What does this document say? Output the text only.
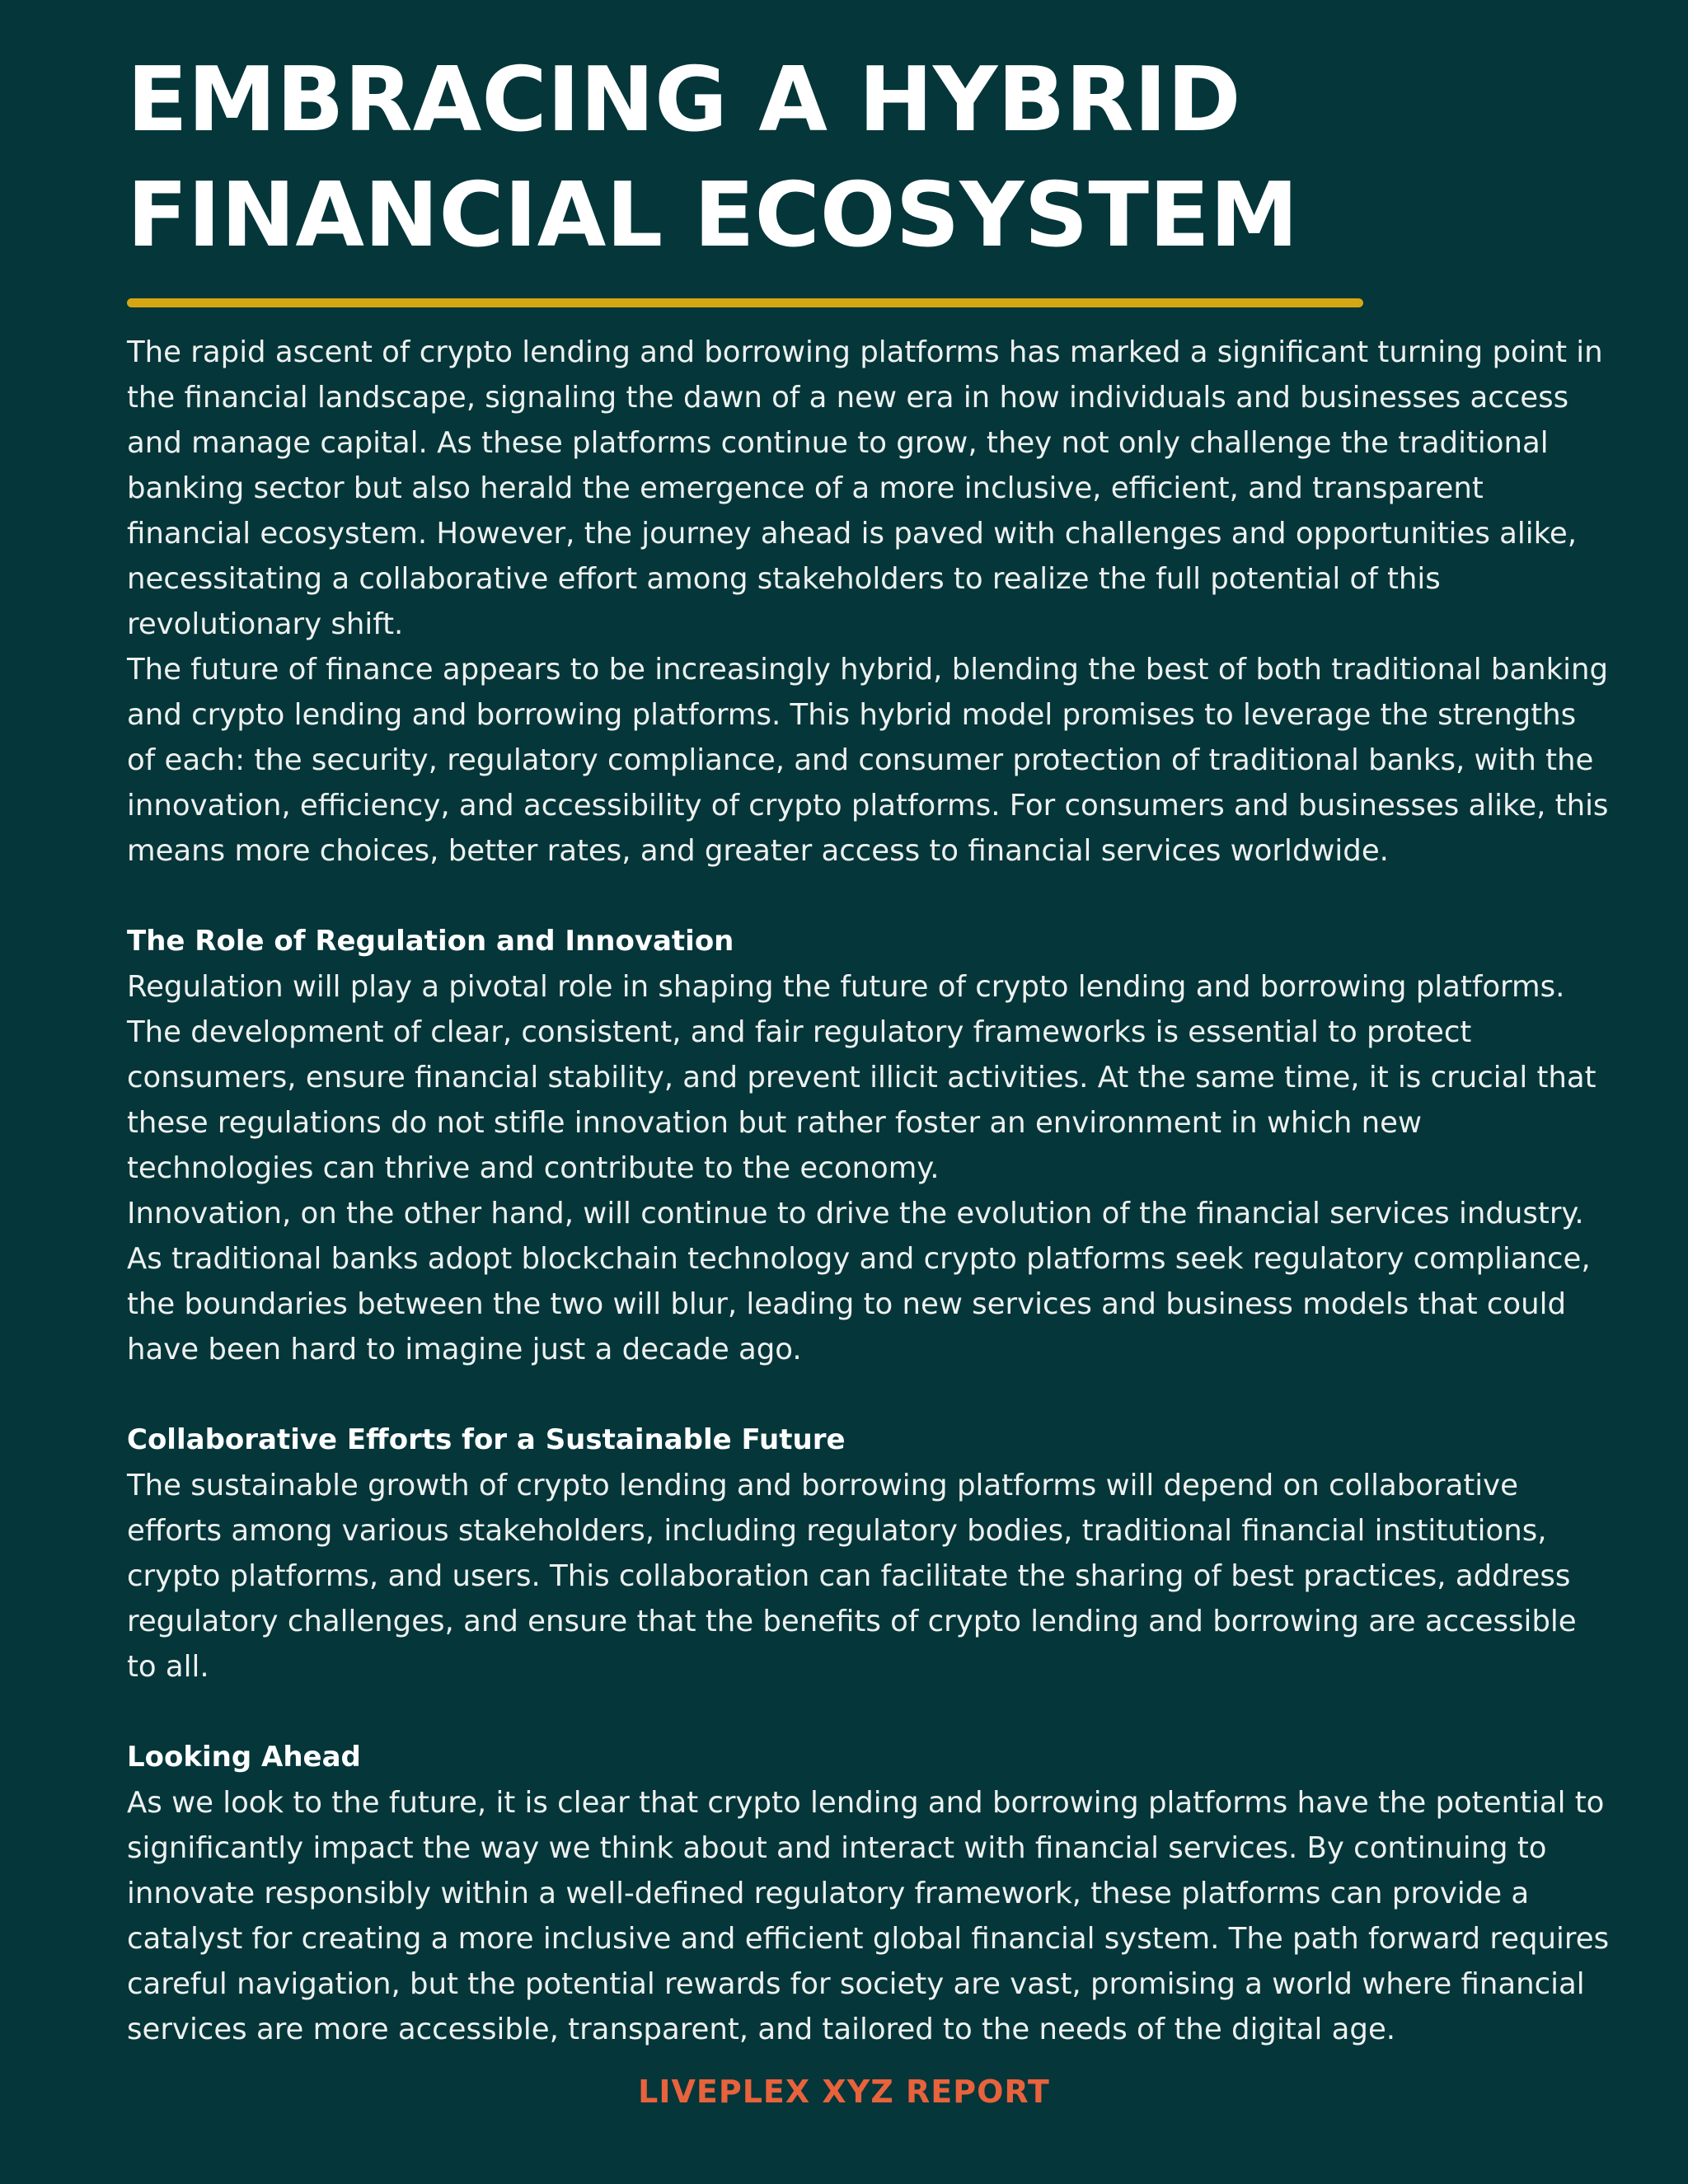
EMBRACING A HYBRID
FINANCIAL ECOSYSTEM

The rapid ascent of crypto lending and borrowing platforms has marked a significant turning point in the financial landscape, signaling the dawn of a new era in how individuals and businesses access and manage capital. As these platforms continue to grow, they not only challenge the traditional banking sector but also herald the emergence of a more inclusive, efficient, and transparent financial ecosystem. However, the journey ahead is paved with challenges and opportunities alike, necessitating a collaborative effort among stakeholders to realize the full potential of this revolutionary shift.

The future of finance appears to be increasingly hybrid, blending the best of both traditional banking and crypto lending and borrowing platforms. This hybrid model promises to leverage the strengths of each: the security, regulatory compliance, and consumer protection of traditional banks, with the innovation, efficiency, and accessibility of crypto platforms. For consumers and businesses alike, this means more choices, better rates, and greater access to financial services worldwide.

The Role of Regulation and Innovation

Regulation will play a pivotal role in shaping the future of crypto lending and borrowing platforms. The development of clear, consistent, and fair regulatory frameworks is essential to protect consumers, ensure financial stability, and prevent illicit activities. At the same time, it is crucial that these regulations do not stifle innovation but rather foster an environment in which new technologies can thrive and contribute to the economy.

Innovation, on the other hand, will continue to drive the evolution of the financial services industry. As traditional banks adopt blockchain technology and crypto platforms seek regulatory compliance, the boundaries between the two will blur, leading to new services and business models that could have been hard to imagine just a decade ago.

Collaborative Efforts for a Sustainable Future

The sustainable growth of crypto lending and borrowing platforms will depend on collaborative efforts among various stakeholders, including regulatory bodies, traditional financial institutions, crypto platforms, and users. This collaboration can facilitate the sharing of best practices, address regulatory challenges, and ensure that the benefits of crypto lending and borrowing are accessible to all.

Looking Ahead

As we look to the future, it is clear that crypto lending and borrowing platforms have the potential to significantly impact the way we think about and interact with financial services. By continuing to innovate responsibly within a well-defined regulatory framework, these platforms can provide a catalyst for creating a more inclusive and efficient global financial system. The path forward requires careful navigation, but the potential rewards for society are vast, promising a world where financial services are more accessible, transparent, and tailored to the needs of the digital age.

LIVEPLEX XYZ REPORT
